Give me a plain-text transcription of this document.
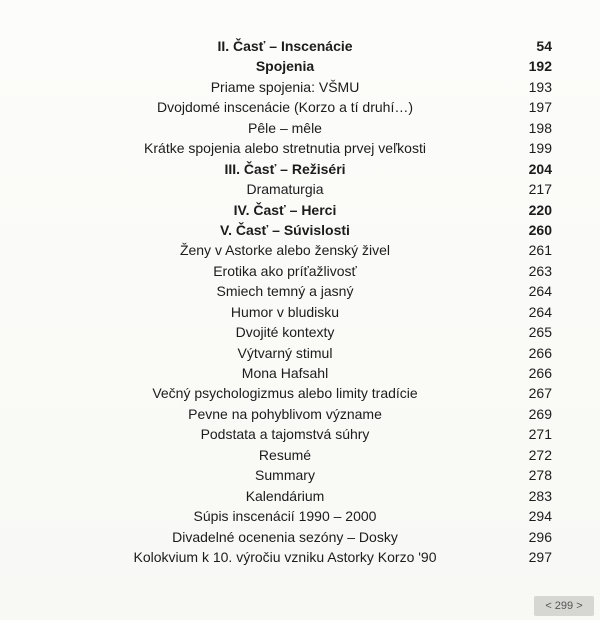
II. Časť – Inscenácie	54
Spojenia	192
Priame spojenia: VŠMU	193
Dvojdomé inscenácie (Korzo a tí druhí…)	197
Pêle – mêle	198
Krátke spojenia alebo stretnutia prvej veľkosti	199
III. Časť – Režiséri	204
Dramaturgia	217
IV. Časť – Herci	220
V. Časť – Súvislosti	260
Ženy v Astorke alebo ženský živel	261
Erotika ako príťažlivosť	263
Smiech temný a jasný	264
Humor v bludisku	264
Dvojité kontexty	265
Výtvarný stimul	266
Mona Hafsahl	266
Večný psychologizmus alebo limity tradície	267
Pevne na pohyblivom význame	269
Podstata a tajomstvá súhry	271
Resumé	272
Summary	278
Kalendárium	283
Súpis inscenácií 1990 – 2000	294
Divadelné ocenenia sezóny – Dosky	296
Kolokvium k 10. výročiu vzniku Astorky Korzo '90	297
< 299 >
